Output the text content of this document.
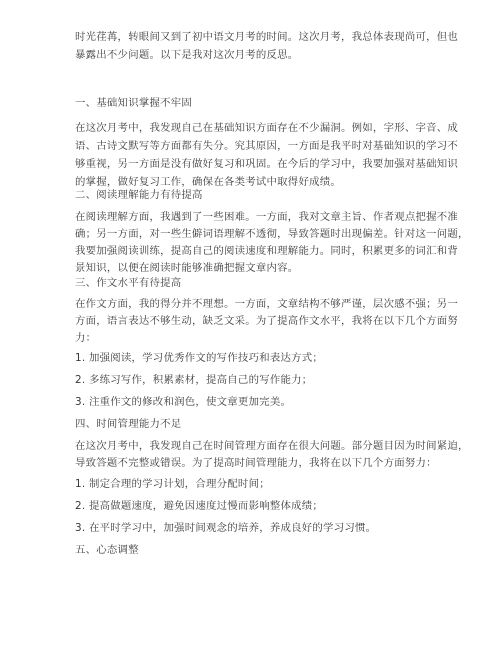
时光荏苒，转眼间又到了初中语文月考的时间。这次月考，我总体表现尚可，但也
暴露出不少问题。以下是我对这次月考的反思。
一、基础知识掌握不牢固
在这次月考中，我发现自己在基础知识方面存在不少漏洞。例如，字形、字音、成
语、古诗文默写等方面都有失分。究其原因，一方面是我平时对基础知识的学习不
够重视，另一方面是没有做好复习和巩固。在今后的学习中，我要加强对基础知识
的掌握，做好复习工作，确保在各类考试中取得好成绩。
二、阅读理解能力有待提高
在阅读理解方面，我遇到了一些困难。一方面，我对文章主旨、作者观点把握不准
确；另一方面，对一些生僻词语理解不透彻，导致答题时出现偏差。针对这一问题，
我要加强阅读训练，提高自己的阅读速度和理解能力。同时，积累更多的词汇和背
景知识，以便在阅读时能够准确把握文章内容。
三、作文水平有待提高
在作文方面，我的得分并不理想。一方面，文章结构不够严谨，层次感不强；另一
方面，语言表达不够生动，缺乏文采。为了提高作文水平，我将在以下几个方面努
力：
1. 加强阅读，学习优秀作文的写作技巧和表达方式；
2. 多练习写作，积累素材，提高自己的写作能力；
3. 注重作文的修改和润色，使文章更加完美。
四、时间管理能力不足
在这次月考中，我发现自己在时间管理方面存在很大问题。部分题目因为时间紧迫，
导致答题不完整或错误。为了提高时间管理能力，我将在以下几个方面努力：
1. 制定合理的学习计划，合理分配时间；
2. 提高做题速度，避免因速度过慢而影响整体成绩；
3. 在平时学习中，加强时间观念的培养，养成良好的学习习惯。
五、心态调整
